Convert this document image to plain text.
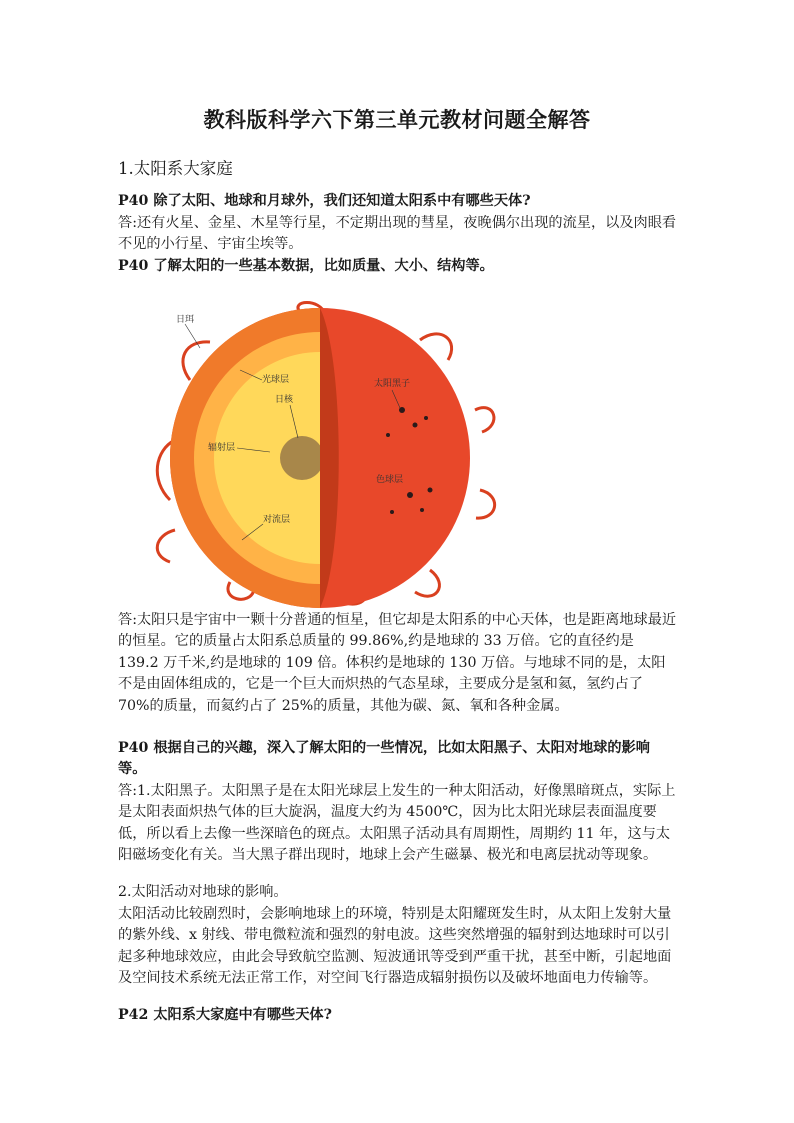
教科版科学六下第三单元教材问题全解答
1.太阳系大家庭
P40 除了太阳、地球和月球外，我们还知道太阳系中有哪些天体?
答:还有火星、金星、木星等行星，不定期出现的彗星，夜晚偶尔出现的流星，以及肉眼看不见的小行星、宇宙尘埃等。
P40 了解太阳的一些基本数据，比如质量、大小、结构等。
日珥
光球层
日核
辐射层
对流层
太阳黑子
色球层
答:太阳只是宇宙中一颗十分普通的恒星，但它却是太阳系的中心天体，也是距离地球最近的恒星。它的质量占太阳系总质量的 99.86%,约是地球的 33 万倍。它的直径约是 139.2 万千米,约是地球的 109 倍。体积约是地球的 130 万倍。与地球不同的是，太阳不是由固体组成的，它是一个巨大而炽热的气态星球，主要成分是氢和氦，氢约占了 70%的质量，而氦约占了 25%的质量，其他为碳、氮、氧和各种金属。
P40 根据自己的兴趣，深入了解太阳的一些情况，比如太阳黑子、太阳对地球的影响等。
答:1.太阳黑子。太阳黑子是在太阳光球层上发生的一种太阳活动，好像黑暗斑点，实际上是太阳表面炽热气体的巨大旋涡，温度大约为 4500℃，因为比太阳光球层表面温度要低，所以看上去像一些深暗色的斑点。太阳黑子活动具有周期性，周期约 11 年，这与太阳磁场变化有关。当大黑子群出现时，地球上会产生磁暴、极光和电离层扰动等现象。
2.太阳活动对地球的影响。
太阳活动比较剧烈时，会影响地球上的环境，特别是太阳耀斑发生时，从太阳上发射大量的紫外线、x 射线、带电微粒流和强烈的射电波。这些突然增强的辐射到达地球时可以引起多种地球效应，由此会导致航空监测、短波通讯等受到严重干扰，甚至中断，引起地面及空间技术系统无法正常工作，对空间飞行器造成辐射损伤以及破坏地面电力传输等。
P42 太阳系大家庭中有哪些天体?
